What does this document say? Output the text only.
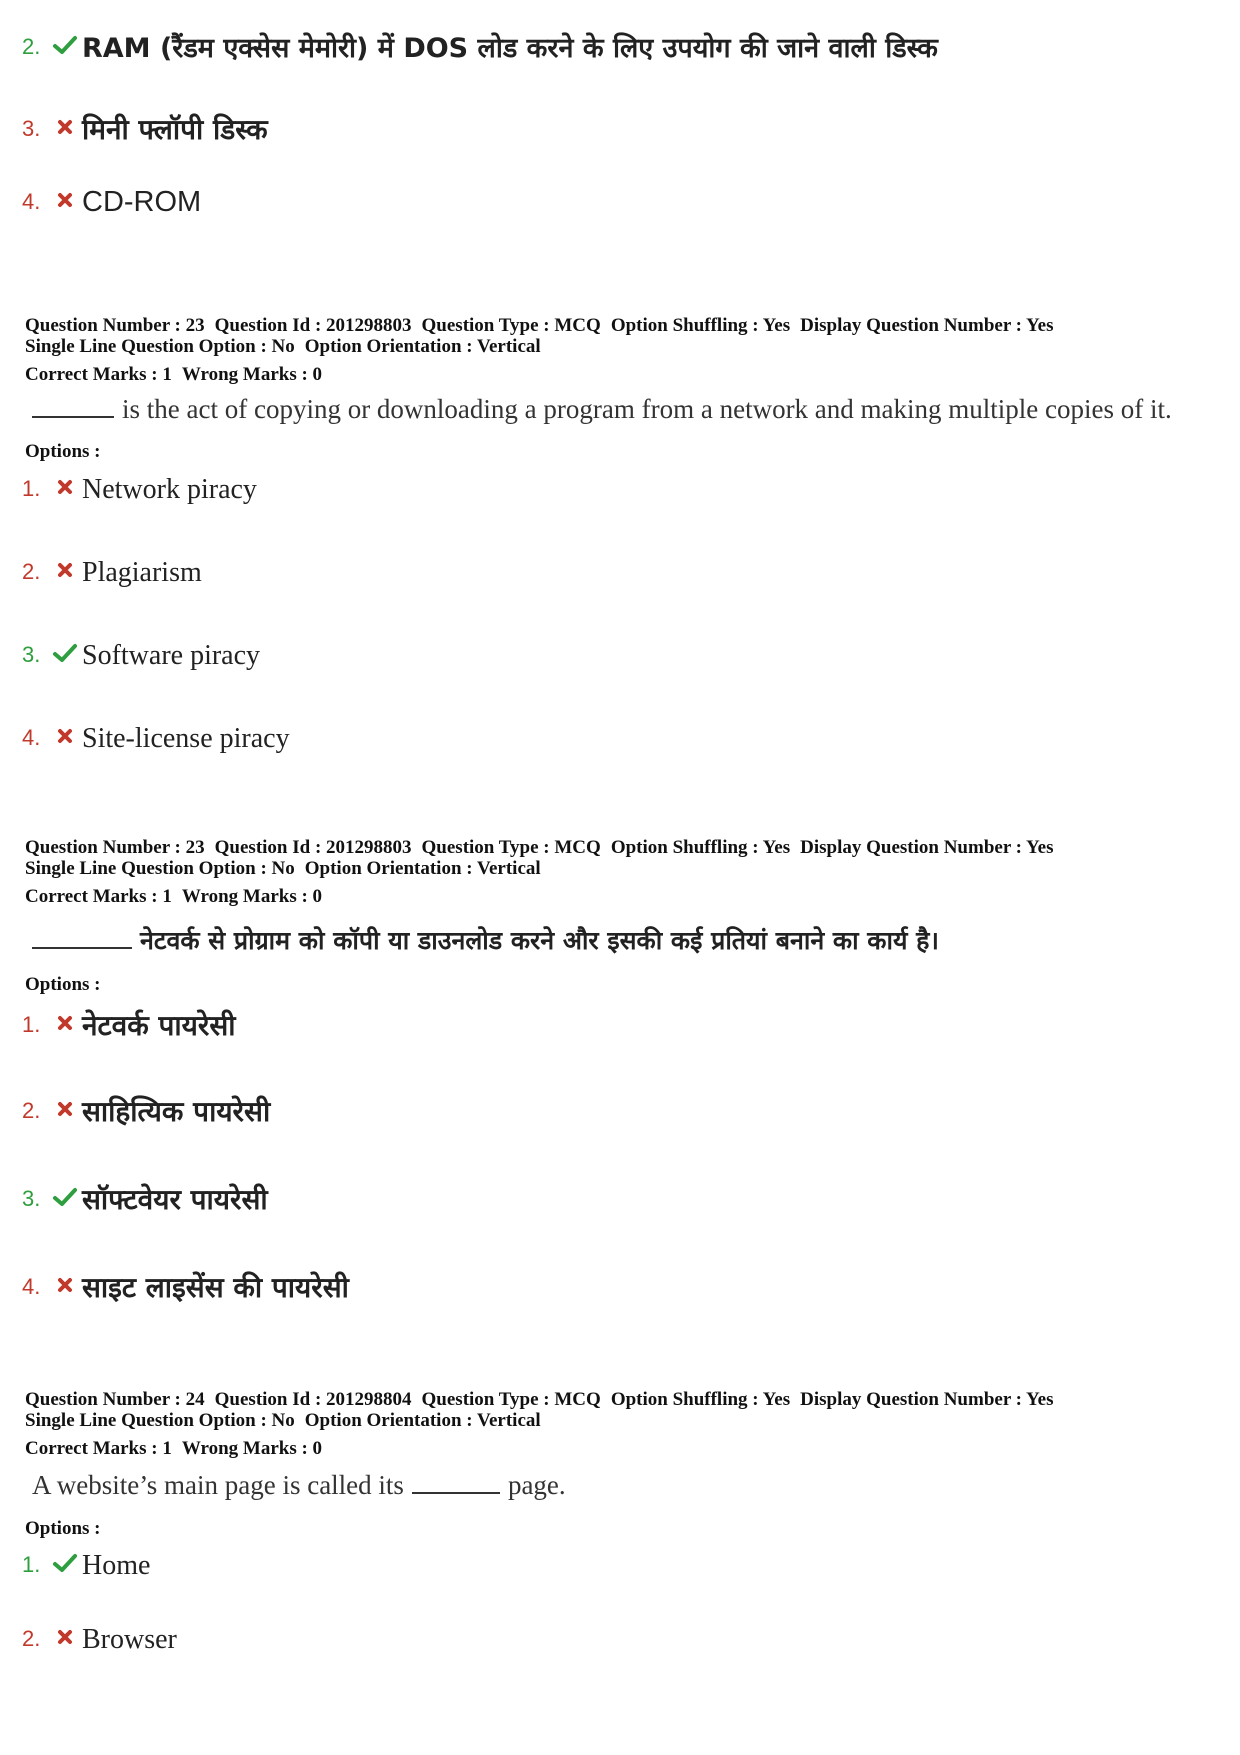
2. RAM (रैंडम एक्सेस मेमोरी) में DOS लोड करने के लिए उपयोग की जाने वाली डिस्क
3. मिनी फ्लॉपी डिस्क
4. CD-ROM
Question Number : 23 Question Id : 201298803 Question Type : MCQ Option Shuffling : Yes Display Question Number : Yes
Single Line Question Option : No Option Orientation : Vertical
Correct Marks : 1 Wrong Marks : 0
is the act of copying or downloading a program from a network and making multiple copies of it.
Options :
1. Network piracy
2. Plagiarism
3. Software piracy
4. Site-license piracy
Question Number : 23 Question Id : 201298803 Question Type : MCQ Option Shuffling : Yes Display Question Number : Yes
Single Line Question Option : No Option Orientation : Vertical
Correct Marks : 1 Wrong Marks : 0
नेटवर्क से प्रोग्राम को कॉपी या डाउनलोड करने और इसकी कई प्रतियां बनाने का कार्य है।
Options :
1. नेटवर्क पायरेसी
2. साहित्यिक पायरेसी
3. सॉफ्टवेयर पायरेसी
4. साइट लाइसेंस की पायरेसी
Question Number : 24 Question Id : 201298804 Question Type : MCQ Option Shuffling : Yes Display Question Number : Yes
Single Line Question Option : No Option Orientation : Vertical
Correct Marks : 1 Wrong Marks : 0
A website’s main page is called its	page.
Options :
1. Home
2. Browser
